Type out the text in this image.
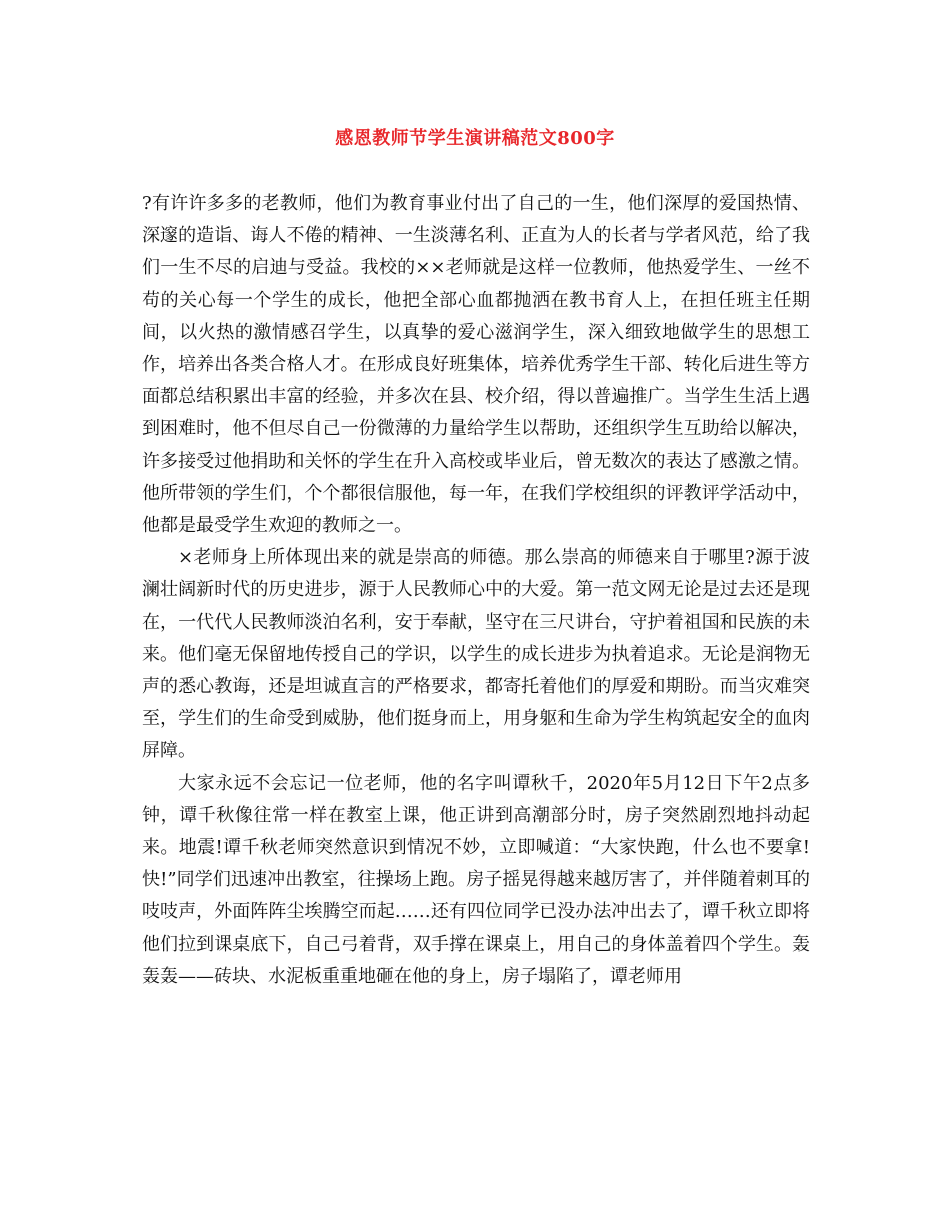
感恩教师节学生演讲稿范文800字

?有许许多多的老教师，他们为教育事业付出了自己的一生，他们深厚的爱国热情、深邃的造诣、诲人不倦的精神、一生淡薄名利、正直为人的长者与学者风范，给了我们一生不尽的启迪与受益。我校的××老师就是这样一位教师，他热爱学生、一丝不苟的关心每一个学生的成长，他把全部心血都抛洒在教书育人上，在担任班主任期间，以火热的激情感召学生，以真挚的爱心滋润学生，深入细致地做学生的思想工作，培养出各类合格人才。在形成良好班集体，培养优秀学生干部、转化后进生等方面都总结积累出丰富的经验，并多次在县、校介绍，得以普遍推广。当学生生活上遇到困难时，他不但尽自己一份微薄的力量给学生以帮助，还组织学生互助给以解决，许多接受过他捐助和关怀的学生在升入高校或毕业后，曾无数次的表达了感激之情。他所带领的学生们，个个都很信服他，每一年，在我们学校组织的评教评学活动中，他都是最受学生欢迎的教师之一。

×老师身上所体现出来的就是崇高的师德。那么崇高的师德来自于哪里?源于波澜壮阔新时代的历史进步，源于人民教师心中的大爱。第一范文网无论是过去还是现在，一代代人民教师淡泊名利，安于奉献，坚守在三尺讲台，守护着祖国和民族的未来。他们毫无保留地传授自己的学识，以学生的成长进步为执着追求。无论是润物无声的悉心教诲，还是坦诚直言的严格要求，都寄托着他们的厚爱和期盼。而当灾难突至，学生们的生命受到威胁，他们挺身而上，用身躯和生命为学生构筑起安全的血肉屏障。

大家永远不会忘记一位老师，他的名字叫谭秋千，2020年5月12日下午2点多钟，谭千秋像往常一样在教室上课，他正讲到高潮部分时，房子突然剧烈地抖动起来。地震!谭千秋老师突然意识到情况不妙，立即喊道：“大家快跑，什么也不要拿!快!”同学们迅速冲出教室，往操场上跑。房子摇晃得越来越厉害了，并伴随着刺耳的吱吱声，外面阵阵尘埃腾空而起……还有四位同学已没办法冲出去了，谭千秋立即将他们拉到课桌底下，自己弓着背，双手撑在课桌上，用自己的身体盖着四个学生。轰轰轰——砖块、水泥板重重地砸在他的身上，房子塌陷了，谭老师用
